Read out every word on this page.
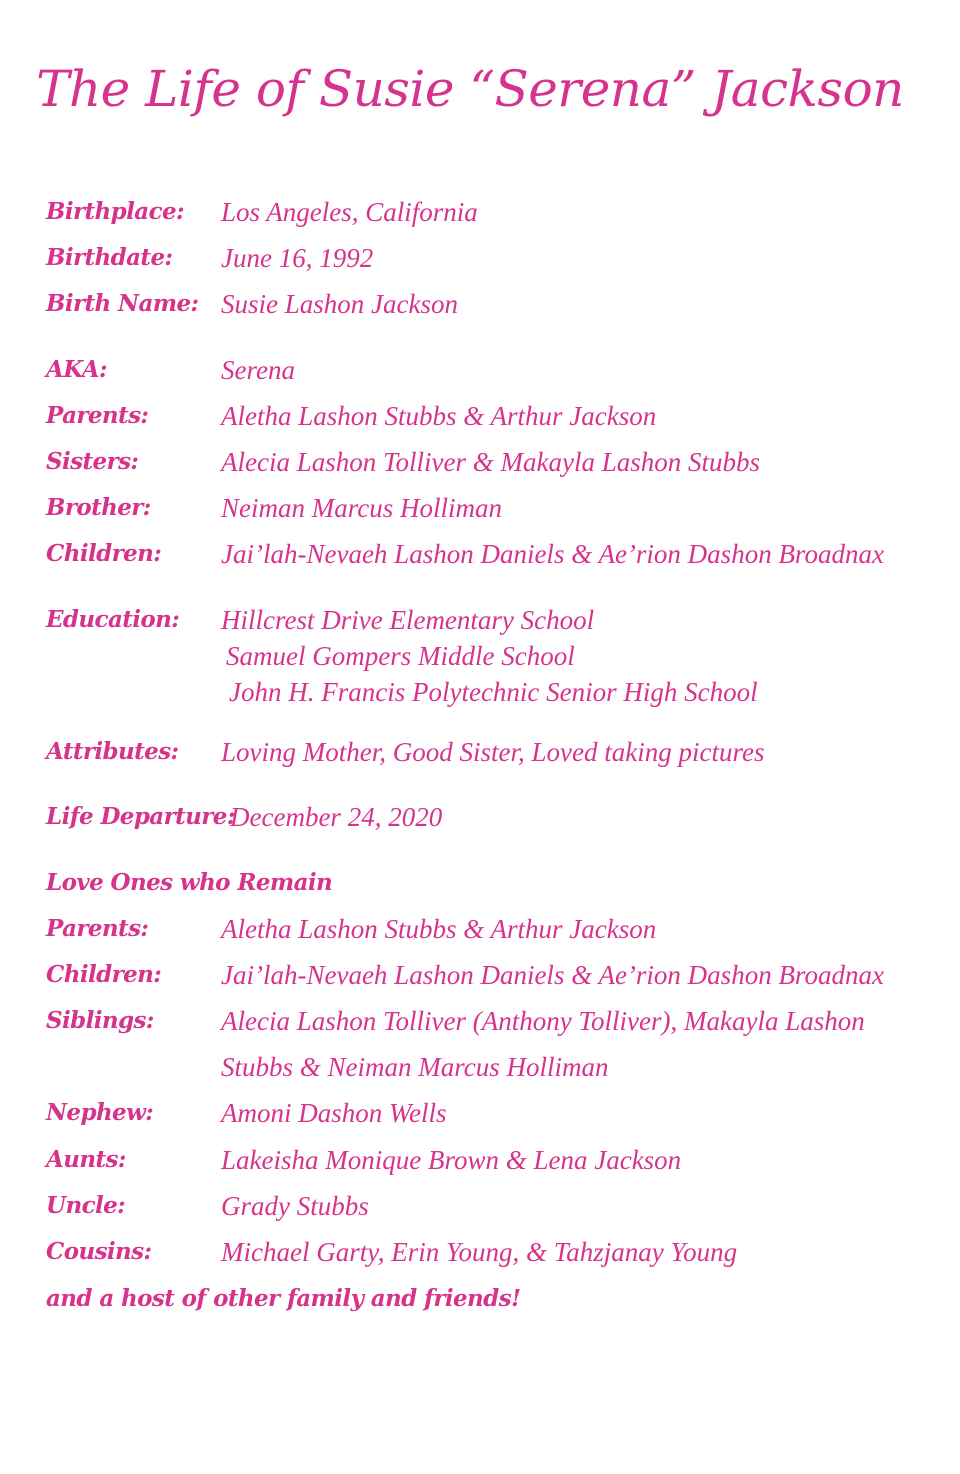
The Life of Susie “Serena” Jackson
Birthplace: Los Angeles, California
Birthdate: June 16, 1992
Birth Name: Susie Lashon Jackson
AKA:	Serena
Parents:	Aletha Lashon Stubbs & Arthur Jackson
Sisters:	Alecia Lashon Tolliver & Makayla Lashon Stubbs
Brother:	Neiman Marcus Holliman
Children: Jai’lah-Nevaeh Lashon Daniels & Ae’rion Dashon Broadnax
Education: Hillcrest Drive Elementary School
Samuel Gompers Middle School
John H. Francis Polytechnic Senior High School
Attributes: Loving Mother, Good Sister, Loved taking pictures
Life Departure:
December 24, 2020
Love Ones who Remain
Parents:	Aletha Lashon Stubbs & Arthur Jackson
Children: Jai’lah-Nevaeh Lashon Daniels & Ae’rion Dashon Broadnax
Siblings: Alecia Lashon Tolliver (Anthony Tolliver), Makayla Lashon
Stubbs & Neiman Marcus Holliman
Nephew:	Amoni Dashon Wells
Aunts:	Lakeisha Monique Brown & Lena Jackson
Uncle:	Grady Stubbs
Cousins:	Michael Garty, Erin Young, & Tahzjanay Young
and a host of other family and friends!
